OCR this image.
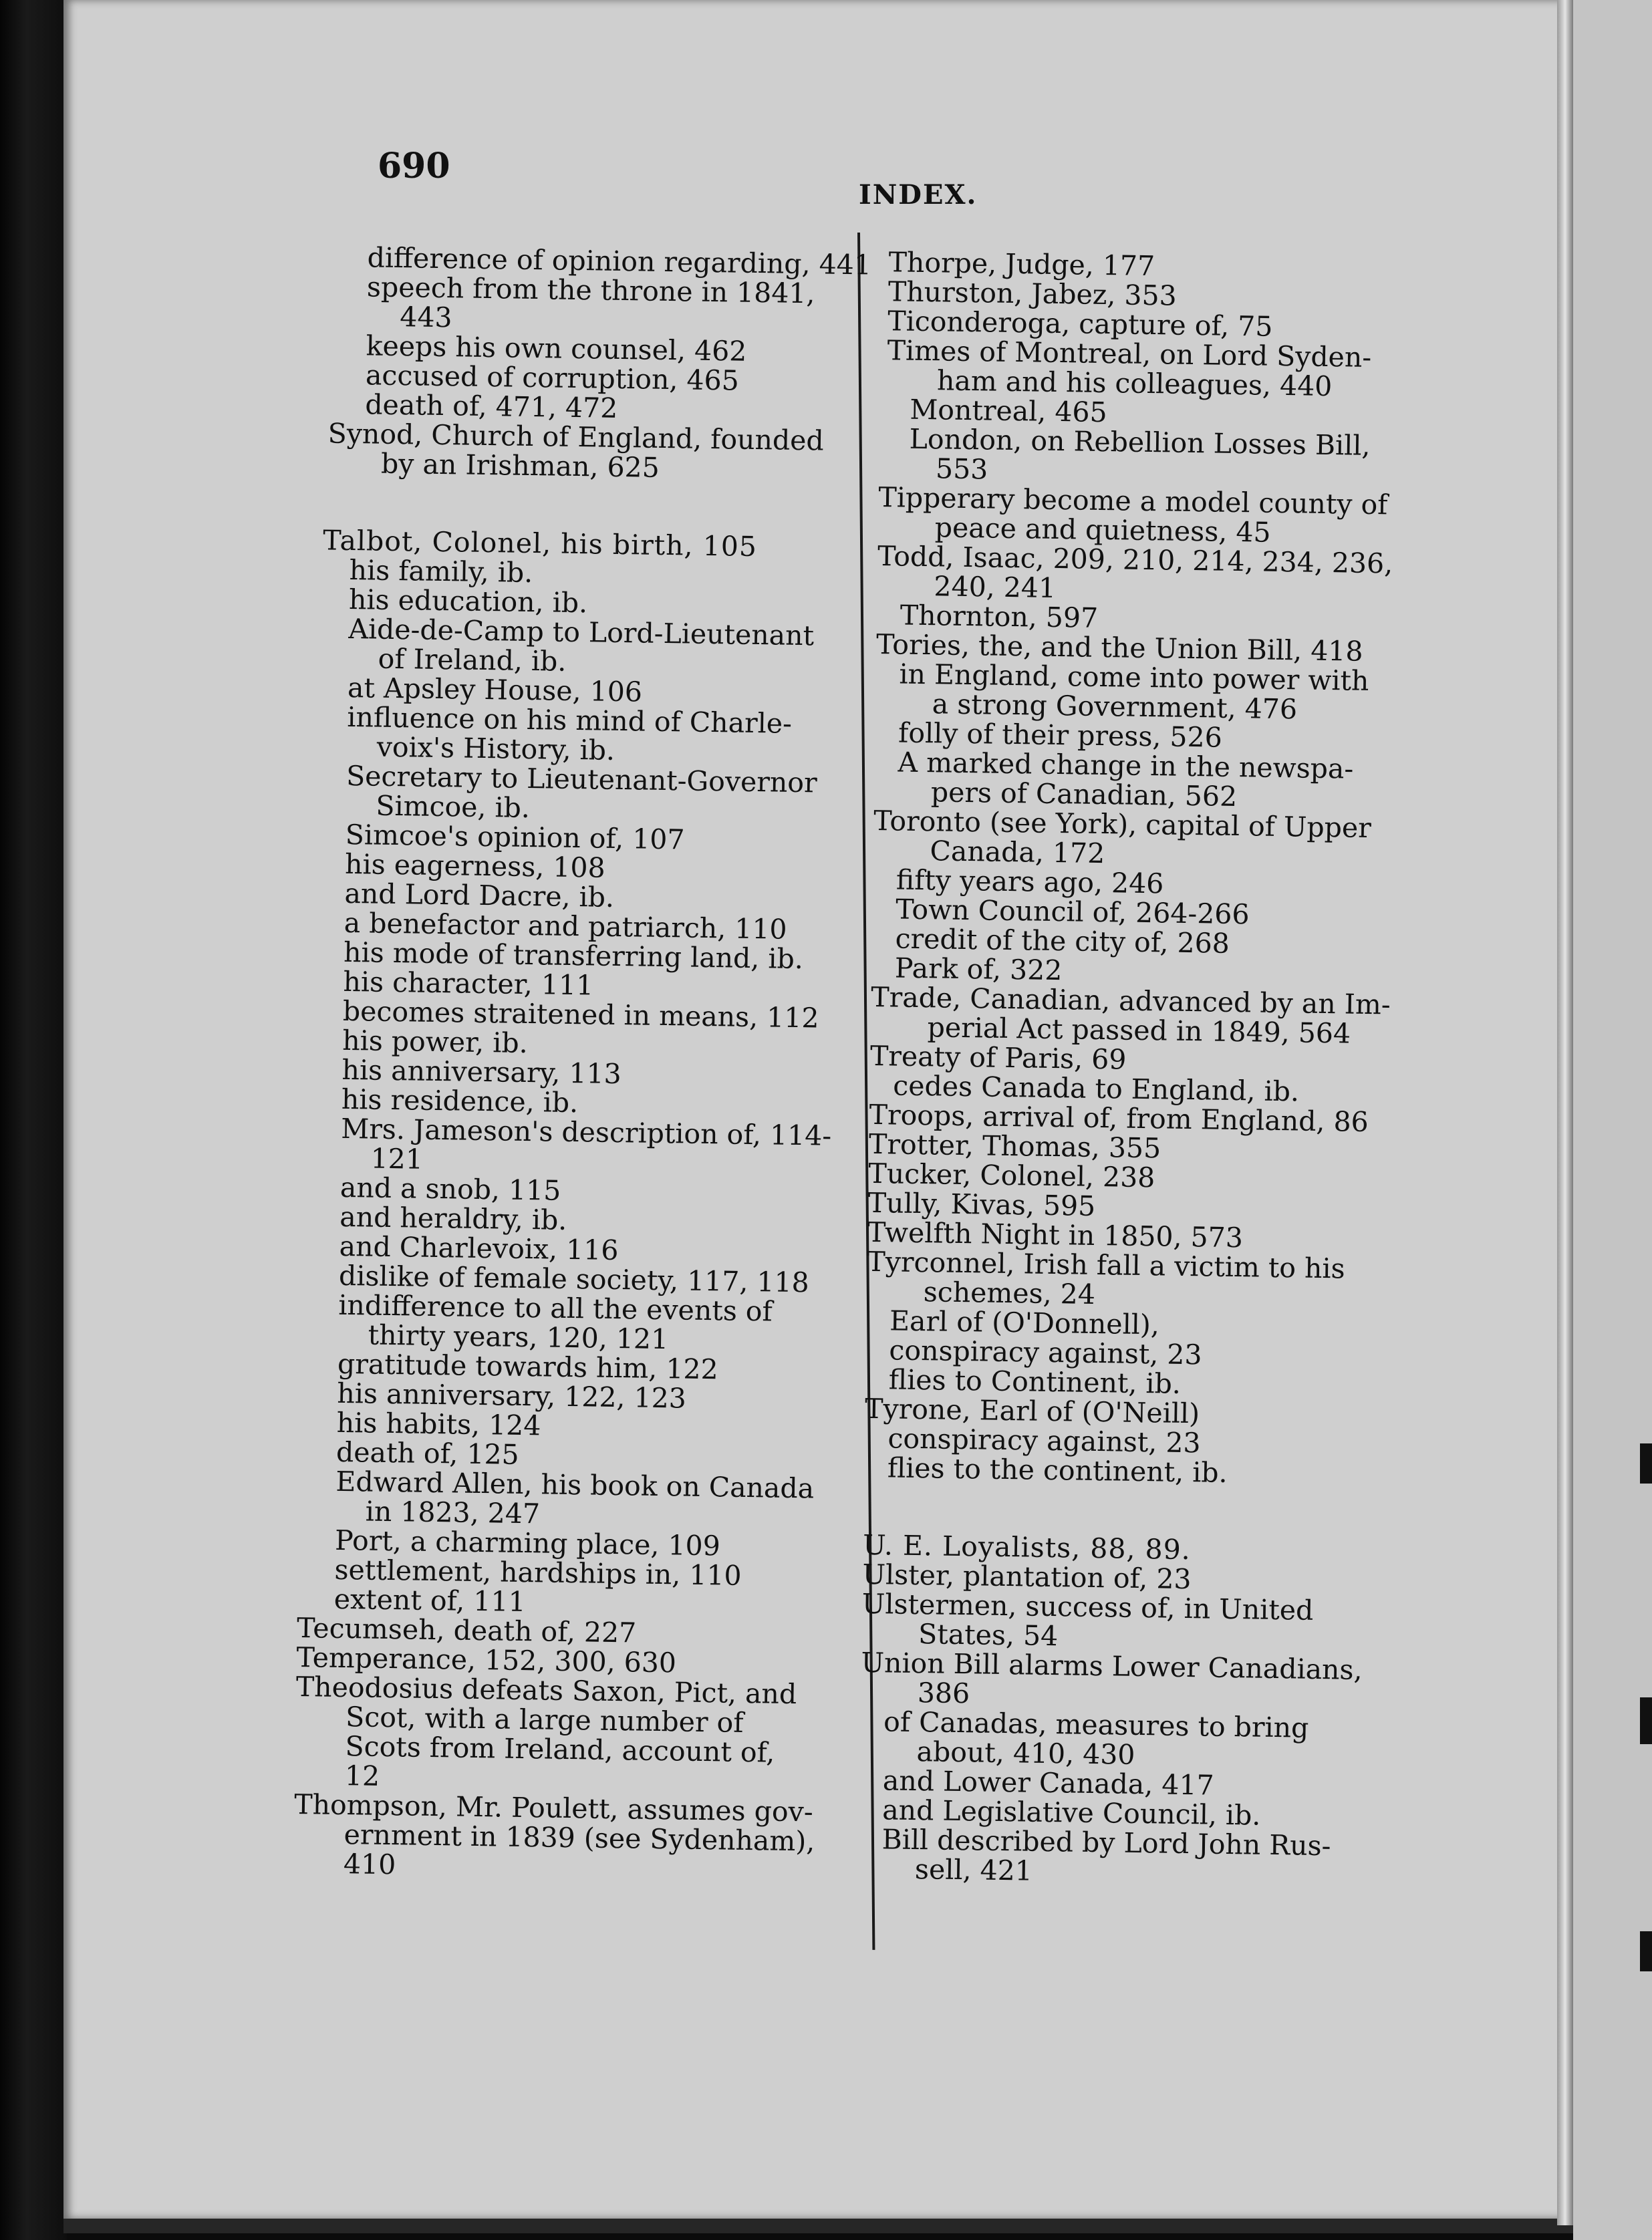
690
INDEX.
difference of opinion regarding, 441
speech from the throne in 1841,
443
keeps his own counsel, 462
accused of corruption, 465
death of, 471, 472
Synod, Church of England, founded
by an Irishman, 625
Talbot, Colonel, his birth, 105
his family, ib.
his education, ib.
Aide-de-Camp to Lord-Lieutenant
of Ireland, ib.
at Apsley House, 106
influence on his mind of Charle-
voix's History, ib.
Secretary to Lieutenant-Governor
Simcoe, ib.
Simcoe's opinion of, 107
his eagerness, 108
and Lord Dacre, ib.
a benefactor and patriarch, 110
his mode of transferring land, ib.
his character, 111
becomes straitened in means, 112
his power, ib.
his anniversary, 113
his residence, ib.
Mrs. Jameson's description of, 114-
121
and a snob, 115
and heraldry, ib.
and Charlevoix, 116
dislike of female society, 117, 118
indifference to all the events of
thirty years, 120, 121
gratitude towards him, 122
his anniversary, 122, 123
his habits, 124
death of, 125
Edward Allen, his book on Canada
in 1823, 247
Port, a charming place, 109
settlement, hardships in, 110
extent of, 111
Tecumseh, death of, 227
Temperance, 152, 300, 630
Theodosius defeats Saxon, Pict, and
Scot, with a large number of
Scots from Ireland, account of,
12
Thompson, Mr. Poulett, assumes gov-
ernment in 1839 (see Sydenham),
410
Thorpe, Judge, 177
Thurston, Jabez, 353
Ticonderoga, capture of, 75
Times of Montreal, on Lord Syden-
ham and his colleagues, 440
Montreal, 465
London, on Rebellion Losses Bill,
553
Tipperary become a model county of
peace and quietness, 45
Todd, Isaac, 209, 210, 214, 234, 236,
240, 241
Thornton, 597
Tories, the, and the Union Bill, 418
in England, come into power with
a strong Government, 476
folly of their press, 526
A marked change in the newspa-
pers of Canadian, 562
Toronto (see York), capital of Upper
Canada, 172
fifty years ago, 246
Town Council of, 264-266
credit of the city of, 268
Park of, 322
Trade, Canadian, advanced by an Im-
perial Act passed in 1849, 564
Treaty of Paris, 69
cedes Canada to England, ib.
Troops, arrival of, from England, 86
Trotter, Thomas, 355
Tucker, Colonel, 238
Tully, Kivas, 595
Twelfth Night in 1850, 573
Tyrconnel, Irish fall a victim to his
schemes, 24
Earl of (O'Donnell),
conspiracy against, 23
flies to Continent, ib.
Tyrone, Earl of (O'Neill)
conspiracy against, 23
flies to the continent, ib.
U. E. Loyalists, 88, 89.
Ulster, plantation of, 23
Ulstermen, success of, in United
States, 54
Union Bill alarms Lower Canadians,
386
of Canadas, measures to bring
about, 410, 430
and Lower Canada, 417
and Legislative Council, ib.
Bill described by Lord John Rus-
sell, 421
